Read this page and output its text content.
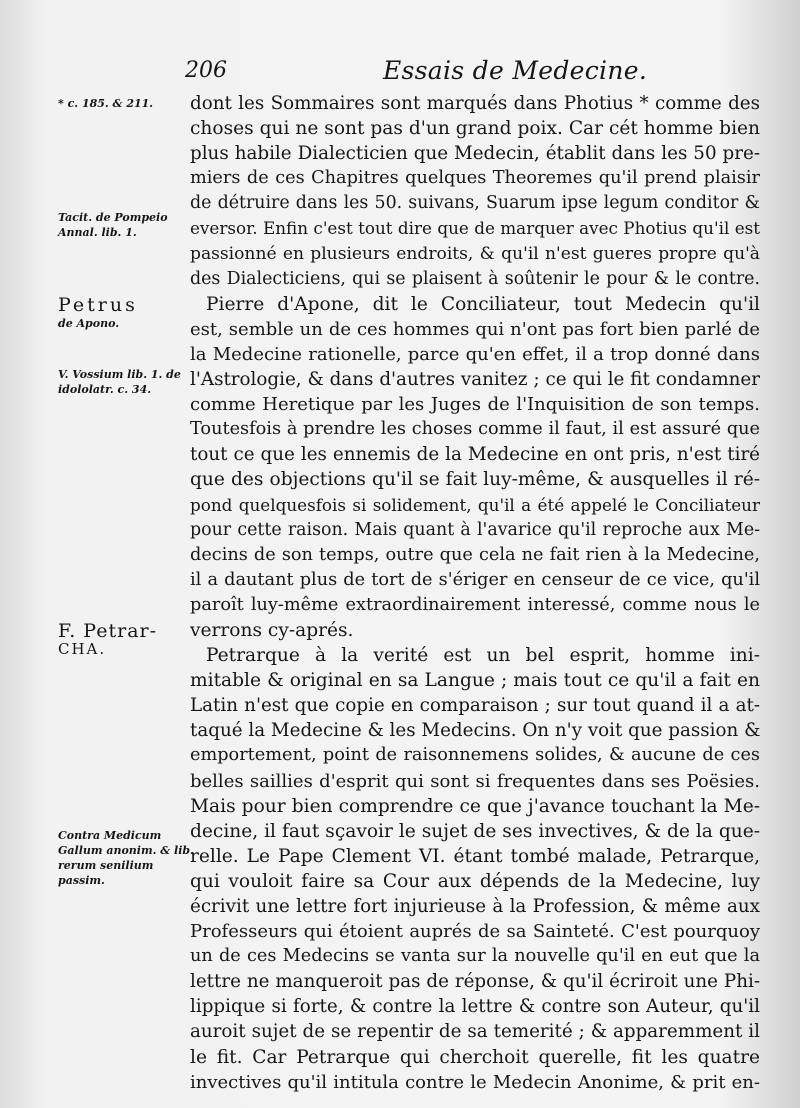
206	Essais de Medecine.
* c. 185. & 211.
Tacit. de Pompeio Annal. lib. 1.
Petrus
de Apono.
V. Vossium lib. 1. de idololatr. c. 34.
F. Petrar-
CHA.
Contra Medicum Gallum anonim. & lib. rerum senilium passim.
dont les Sommaires sont marqués dans Photius * comme des
choses qui ne sont pas d'un grand poix. Car cét homme bien
plus habile Dialecticien que Medecin, établit dans les 50 pre-
miers de ces Chapitres quelques Theoremes qu'il prend plaisir
de détruire dans les 50. suivans, Suarum ipse legum conditor &
eversor. Enfin c'est tout dire que de marquer avec Photius qu'il est
passionné en plusieurs endroits, & qu'il n'est gueres propre qu'à
des Dialecticiens, qui se plaisent à soûtenir le pour & le contre.
Pierre d'Apone, dit le Conciliateur, tout Medecin qu'il
est, semble un de ces hommes qui n'ont pas fort bien parlé de
la Medecine rationelle, parce qu'en effet, il a trop donné dans
l'Astrologie, & dans d'autres vanitez ; ce qui le fit condamner
comme Heretique par les Juges de l'Inquisition de son temps.
Toutesfois à prendre les choses comme il faut, il est assuré que
tout ce que les ennemis de la Medecine en ont pris, n'est tiré
que des objections qu'il se fait luy-même, & ausquelles il ré-
pond quelquesfois si solidement, qu'il a été appelé le Conciliateur
pour cette raison. Mais quant à l'avarice qu'il reproche aux Me-
decins de son temps, outre que cela ne fait rien à la Medecine,
il a dautant plus de tort de s'ériger en censeur de ce vice, qu'il
paroît luy-même extraordinairement interessé, comme nous le
verrons cy-aprés.
Petrarque à la verité est un bel esprit, homme ini-
mitable & original en sa Langue ; mais tout ce qu'il a fait en
Latin n'est que copie en comparaison ; sur tout quand il a at-
taqué la Medecine & les Medecins. On n'y voit que passion &
emportement, point de raisonnemens solides, & aucune de ces
belles saillies d'esprit qui sont si frequentes dans ses Poësies.
Mais pour bien comprendre ce que j'avance touchant la Me-
decine, il faut sçavoir le sujet de ses invectives, & de la que-
relle. Le Pape Clement VI. étant tombé malade, Petrarque,
qui vouloit faire sa Cour aux dépends de la Medecine, luy
écrivit une lettre fort injurieuse à la Profession, & même aux
Professeurs qui étoient auprés de sa Sainteté. C'est pourquoy
un de ces Medecins se vanta sur la nouvelle qu'il en eut que la
lettre ne manqueroit pas de réponse, & qu'il écriroit une Phi-
lippique si forte, & contre la lettre & contre son Auteur, qu'il
auroit sujet de se repentir de sa temerité ; & apparemment il
le fit. Car Petrarque qui cherchoit querelle, fit les quatre
invectives qu'il intitula contre le Medecin Anonime, & prit en-
